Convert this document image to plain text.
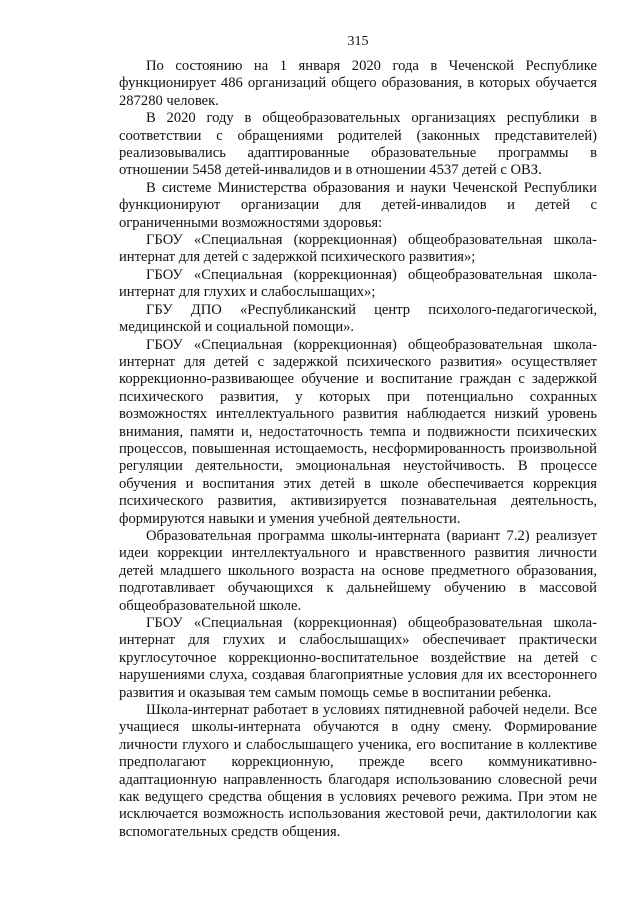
315

По состоянию на 1 января 2020 года в Чеченской Республике функционирует 486 организаций общего образования, в которых обучается 287280 человек.

В 2020 году в общеобразовательных организациях республики в соответствии с обращениями родителей (законных представителей) реализовывались адаптированные образовательные программы в отношении 5458 детей-инвалидов и в отношении 4537 детей с ОВЗ.

В системе Министерства образования и науки Чеченской Республики функционируют организации для детей-инвалидов и детей с ограниченными возможностями здоровья:

ГБОУ «Специальная (коррекционная) общеобразовательная школа-интернат для детей с задержкой психического развития»;

ГБОУ «Специальная (коррекционная) общеобразовательная школа-интернат для глухих и слабослышащих»;

ГБУ ДПО «Республиканский центр психолого-педагогической, медицинской и социальной помощи».

ГБОУ «Специальная (коррекционная) общеобразовательная школа-интернат для детей с задержкой психического развития» осуществляет коррекционно-развивающее обучение и воспитание граждан с задержкой психического развития, у которых при потенциально сохранных возможностях интеллектуального развития наблюдается низкий уровень внимания, памяти и, недостаточность темпа и подвижности психических процессов, повышенная истощаемость, несформированность произвольной регуляции деятельности, эмоциональная неустойчивость. В процессе обучения и воспитания этих детей в школе обеспечивается коррекция психического развития, активизируется познавательная деятельность, формируются навыки и умения учебной деятельности.

Образовательная программа школы-интерната (вариант 7.2) реализует идеи коррекции интеллектуального и нравственного развития личности детей младшего школьного возраста на основе предметного образования, подготавливает обучающихся к дальнейшему обучению в массовой общеобразовательной школе.

ГБОУ «Специальная (коррекционная) общеобразовательная школа-интернат для глухих и слабослышащих» обеспечивает практически круглосуточное коррекционно-воспитательное воздействие на детей с нарушениями слуха, создавая благоприятные условия для их всестороннего развития и оказывая тем самым помощь семье в воспитании ребенка.

Школа-интернат работает в условиях пятидневной рабочей недели. Все учащиеся школы-интерната обучаются в одну смену. Формирование личности глухого и слабослышащего ученика, его воспитание в коллективе предполагают коррекционную, прежде всего коммуникативно-адаптационную направленность благодаря использованию словесной речи как ведущего средства общения в условиях речевого режима. При этом не исключается возможность использования жестовой речи, дактилологии как вспомогательных средств общения.
